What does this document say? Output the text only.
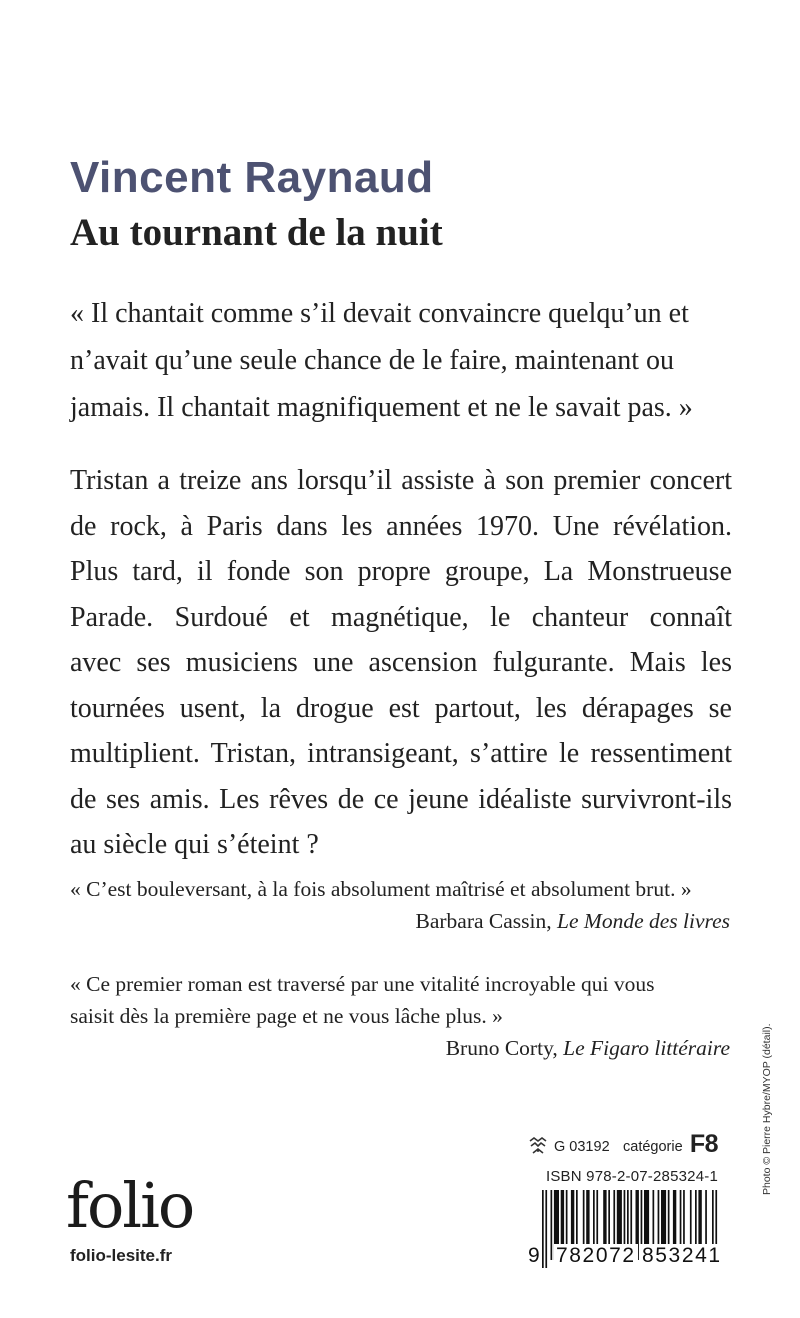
Vincent Raynaud
Au tournant de la nuit

« Il chantait comme s’il devait convaincre quelqu’un et
n’avait qu’une seule chance de le faire, maintenant ou
jamais. Il chantait magnifiquement et ne le savait pas. »

Tristan a treize ans lorsqu’il assiste à son premier concert
de rock, à Paris dans les années 1970. Une révélation.
Plus tard, il fonde son propre groupe, La Monstrueuse
Parade. Surdoué et magnétique, le chanteur connaît
avec ses musiciens une ascension fulgurante. Mais les
tournées usent, la drogue est partout, les dérapages se
multiplient. Tristan, intransigeant, s’attire le ressentiment
de ses amis. Les rêves de ce jeune idéaliste survivront-ils
au siècle qui s’éteint ?

« C’est bouleversant, à la fois absolument maîtrisé et absolument brut. »
Barbara Cassin, Le Monde des livres
« Ce premier roman est traversé par une vitalité incroyable qui vous
saisit dès la première page et ne vous lâche plus. »
Bruno Corty, Le Figaro littéraire
G 03192 catégorie F8
ISBN 978-2-07-285324-1
9 782072 853241
folio
folio-lesite.fr
Photo © Pierre Hybre/MYOP (détail).
